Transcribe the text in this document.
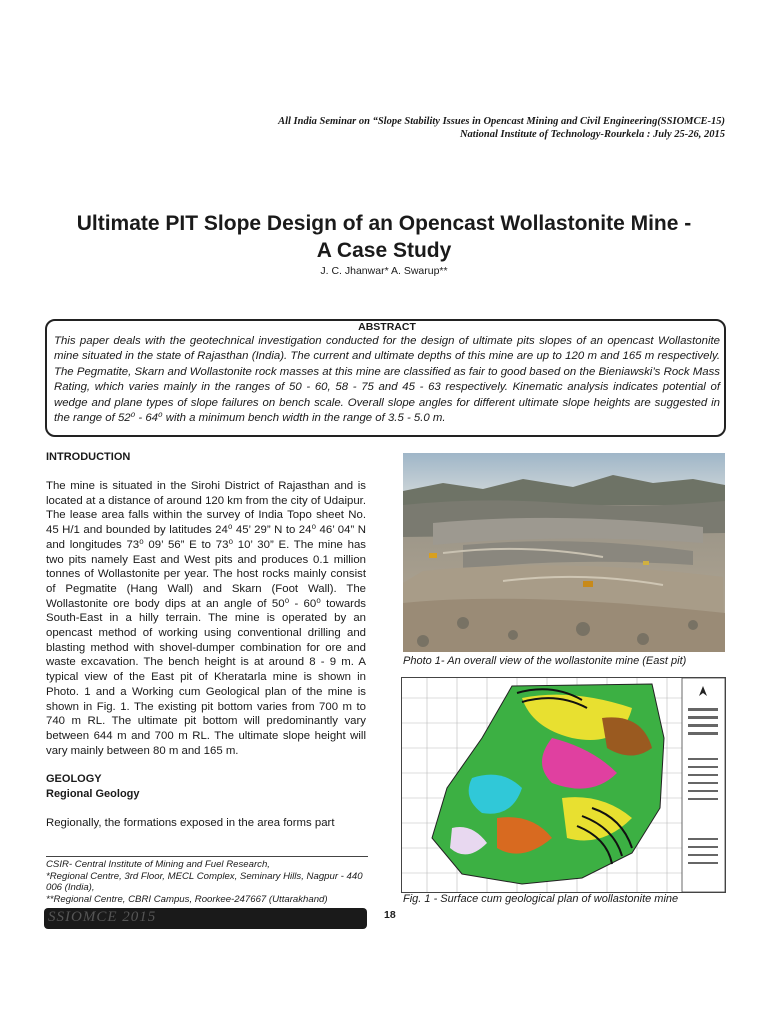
All India Seminar on “Slope Stability Issues in Opencast Mining and Civil Engineering(SSIOMCE-15)
National Institute of Technology-Rourkela : July 25-26, 2015
Ultimate PIT Slope Design of an Opencast Wollastonite Mine -
A Case Study
J. C. Jhanwar* A. Swarup**
ABSTRACT
This paper deals with the geotechnical investigation conducted for the design of ultimate pits slopes of an opencast Wollastonite mine situated in the state of Rajasthan (India). The current and ultimate depths of this mine are up to 120 m and 165 m respectively. The Pegmatite, Skarn and Wollastonite rock masses at this mine are classified as fair to good based on the Bieniawski’s Rock Mass Rating, which varies mainly in the ranges of 50 - 60, 58 - 75 and 45 - 63 respectively. Kinematic analysis indicates potential of wedge and plane types of slope failures on bench scale. Overall slope angles for different ultimate slope heights are suggested in the range of 52⁰ - 64⁰ with a minimum bench width in the range of 3.5 - 5.0 m.
INTRODUCTION

The mine is situated in the Sirohi District of Rajasthan and is located at a distance of around 120 km from the city of Udaipur. The lease area falls within the survey of India Topo sheet No. 45 H/1 and bounded by latitudes 24⁰ 45’ 29” N to 24⁰ 46’ 04” N and longitudes 73⁰ 09’ 56” E to 73⁰ 10’ 30” E. The mine has two pits namely East and West pits and produces 0.1 million tonnes of Wollastonite per year. The host rocks mainly consist of Pegmatite (Hang Wall) and Skarn (Foot Wall). The Wollastonite ore body dips at an angle of 50⁰ - 60⁰ towards South-East in a hilly terrain. The mine is operated by an opencast method of working using conventional drilling and blasting method with shovel-dumper combination for ore and waste excavation. The bench height is at around 8 - 9 m. A typical view of the East pit of Kheratarla mine is shown in Photo. 1 and a Working cum Geological plan of the mine is shown in Fig. 1. The existing pit bottom varies from 700 m to 740 m RL. The ultimate pit bottom will predominantly vary between 644 m and 700 m RL. The ultimate slope height will vary mainly between 80 m and 165 m.

GEOLOGY
Regional Geology

Regionally, the formations exposed in the area forms part

CSIR- Central Institute of Mining and Fuel Research,
*Regional Centre, 3rd Floor, MECL Complex, Seminary Hills, Nagpur - 440 006 (India),
**Regional Centre, CBRI Campus, Roorkee-247667 (Uttarakhand)
SSIOMCE 2015	18
Photo 1- An overall view of the wollastonite mine (East pit)
Fig. 1 - Surface cum geological plan of wollastonite mine
